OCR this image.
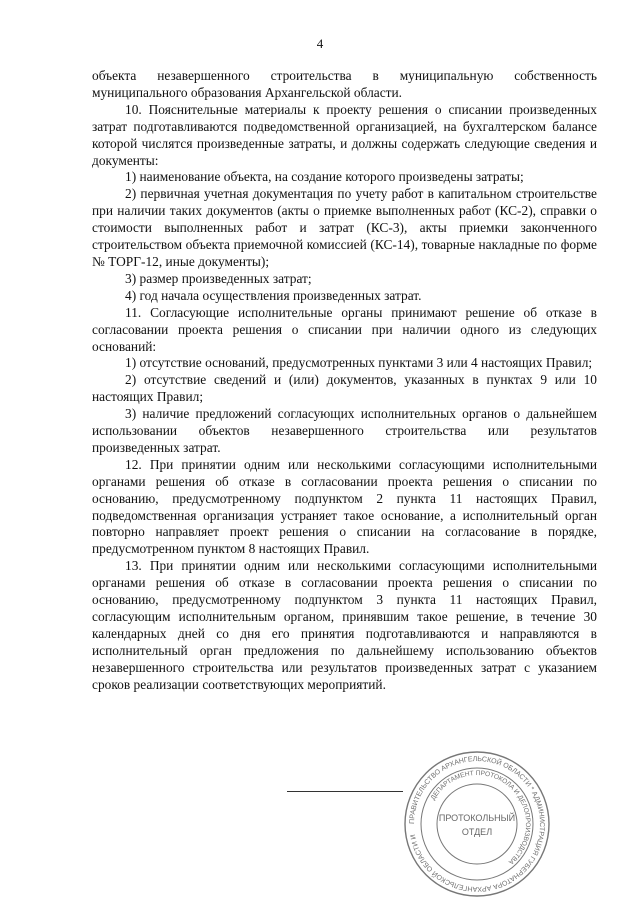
4

объекта незавершенного строительства в муниципальную собственность муниципального образования Архангельской области.

10. Пояснительные материалы к проекту решения о списании произведенных затрат подготавливаются подведомственной организацией, на бухгалтерском балансе которой числятся произведенные затраты, и должны содержать следующие сведения и документы:

1) наименование объекта, на создание которого произведены затраты;

2) первичная учетная документация по учету работ в капитальном строительстве при наличии таких документов (акты о приемке выполненных работ (КС-2), справки о стоимости выполненных работ и затрат (КС-3), акты приемки законченного строительством объекта приемочной комиссией (КС-14), товарные накладные по форме № ТОРГ-12, иные документы);

3) размер произведенных затрат;

4) год начала осуществления произведенных затрат.

11. Согласующие исполнительные органы принимают решение об отказе в согласовании проекта решения о списании при наличии одного из следующих оснований:

1) отсутствие оснований, предусмотренных пунктами 3 или 4 настоящих Правил;

2) отсутствие сведений и (или) документов, указанных в пунктах 9 или 10 настоящих Правил;

3) наличие предложений согласующих исполнительных органов о дальнейшем использовании объектов незавершенного строительства или результатов произведенных затрат.

12. При принятии одним или несколькими согласующими исполнительными органами решения об отказе в согласовании проекта решения о списании по основанию, предусмотренному подпунктом 2 пункта 11 настоящих Правил, подведомственная организация устраняет такое основание, а исполнительный орган повторно направляет проект решения о списании на согласование в порядке, предусмотренном пунктом 8 настоящих Правил.

13. При принятии одним или несколькими согласующими исполнительными органами решения об отказе в согласовании проекта решения о списании по основанию, предусмотренному подпунктом 3 пункта 11 настоящих Правил, согласующим исполнительным органом, принявшим такое решение, в течение 30 календарных дней со дня его принятия подготавливаются и направляются в исполнительный орган предложения по дальнейшему использованию объектов незавершенного строительства или результатов произведенных затрат с указанием сроков реализации соответствующих мероприятий.

ПРАВИТЕЛЬСТВО АРХАНГЕЛЬСКОЙ ОБЛАСТИ * АДМИНИСТРАЦИЯ ГУБЕРНАТОРА АРХАНГЕЛЬСКОЙ ОБЛАСТИ И
ДЕПАРТАМЕНТ ПРОТОКОЛА И ДЕЛОПРОИЗВОДСТВА
ПРОТОКОЛЬНЫЙ
ОТДЕЛ
